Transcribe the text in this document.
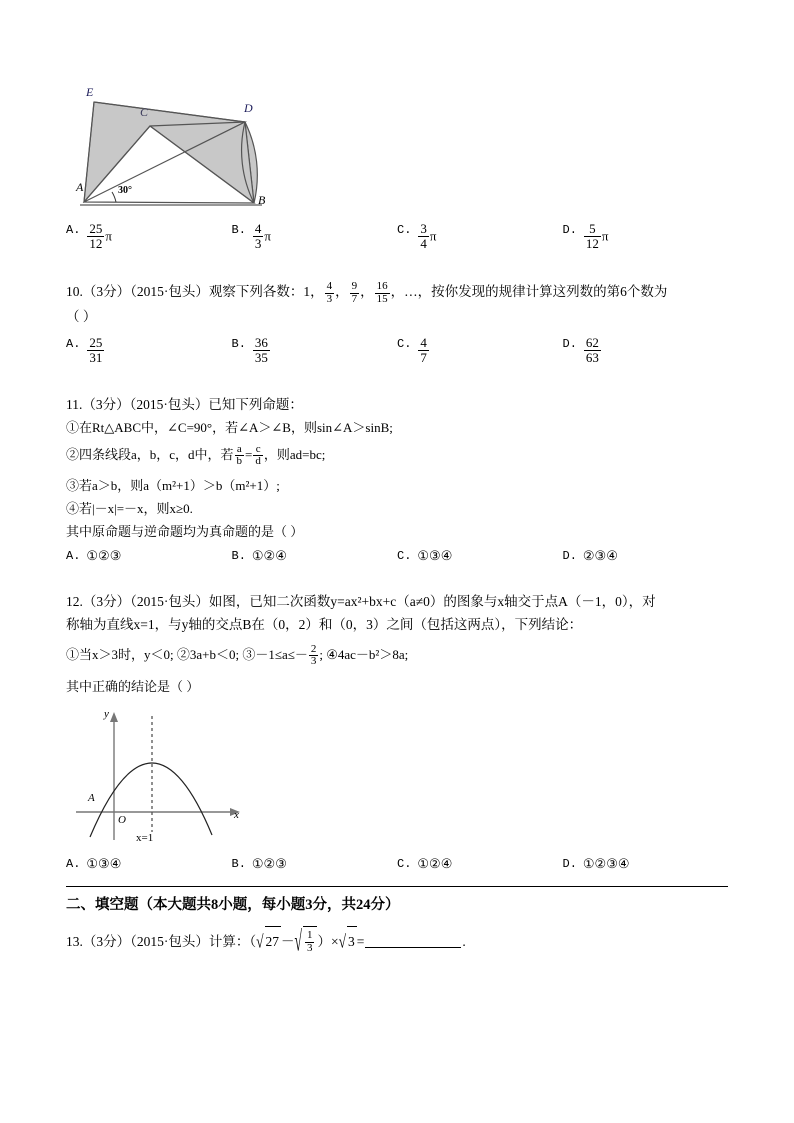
A
B
C	D
E
30°
A. $\frac{25}{12}$ π	B. $\frac{4}{3}$ π	C. $\frac{3}{4}$ π	D. $\frac{5}{12}$ π
10.（3分）（2015·包头）观察下列各数：1， $\frac{4}{3}$ ， $\frac{9}{7}$ ， $\frac{16}{15}$ ，…，按你发现的规律计算这列数的第6个数为
（ ）
A. $\frac{25}{31}$	B. $\frac{36}{35}$	C. $\frac{4}{7}$	D. $\frac{62}{63}$
11.（3分）（2015·包头）已知下列命题：
①在Rt△ABC中，∠C=90°，若∠A＞∠B，则sin∠A＞sinB;
②四条线段a，b，c，d中，若 $\frac{a}{b} = \frac{c}{d}$ ，则ad=bc;
③若a＞b，则a（m²+1）＞b（m²+1）;
④若|－x|=－x，则x≥0.
其中原命题与逆命题均为真命题的是（ ）
A. ①②③	B. ①②④	C. ①③④	D. ②③④
12.（3分）（2015·包头）如图，已知二次函数y=ax²+bx+c（a≠0）的图象与x轴交于点A（－1，0），对
称轴为直线x=1，与y轴的交点B在（0，2）和（0，3）之间（包括这两点），下列结论：
①当x＞3时，y＜0; ②3a+b＜0; ③－1≤a≤－ $\frac{2}{3}$ ; ④4ac－b²＞8a;
其中正确的结论是（ ）
y
x
O
A
x=1
A. ①③④	B. ①②③	C. ①②④	D. ①②③④
二、填空题（本大题共8小题，每小题3分，共24分）
13.（3分）（2015·包头）计算：（√ 27 －√ $\frac{1}{3}$ ）×√ 3 =	.
